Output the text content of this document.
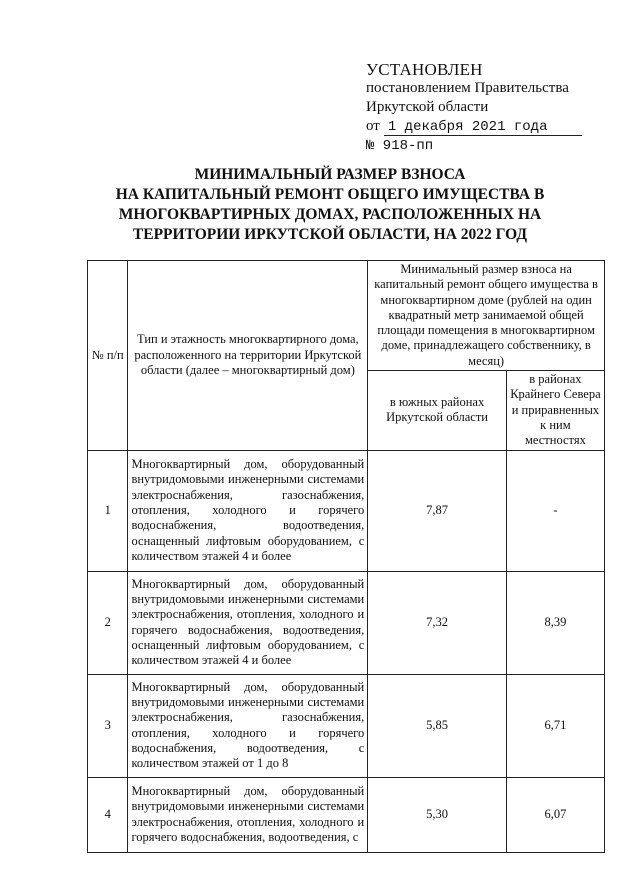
УСТАНОВЛЕН
постановлением Правительства
Иркутской области
от 1 декабря 2021 года
№ 918-пп
МИНИМАЛЬНЫЙ РАЗМЕР ВЗНОСА
НА КАПИТАЛЬНЫЙ РЕМОНТ ОБЩЕГО ИМУЩЕСТВА В
МНОГОКВАРТИРНЫХ ДОМАХ, РАСПОЛОЖЕННЫХ НА
ТЕРРИТОРИИ ИРКУТСКОЙ ОБЛАСТИ, НА 2022 ГОД
№ п/п	Тип и этажность многоквартирного дома, расположенного на территории Иркутской области (далее – многоквартирный дом)	Минимальный размер взноса на капитальный ремонт общего имущества в многоквартирном доме (рублей на один квадратный метр занимаемой общей площади помещения в многоквартирном доме, принадлежащего собственнику, в месяц)	
		в южных районах Иркутской области	в районах Крайнего Севера и приравненных к ним местностях
1	Многоквартирный дом, оборудованный внутридомовыми инженерными системами электроснабжения, газоснабжения, отопления, холодного и горячего водоснабжения, водоотведения, оснащенный лифтовым оборудованием, с количеством этажей 4 и более	7,87	-
2	Многоквартирный дом, оборудованный внутридомовыми инженерными системами электроснабжения, отопления, холодного и горячего водоснабжения, водоотведения, оснащенный лифтовым оборудованием, с количеством этажей 4 и более	7,32	8,39
3	Многоквартирный дом, оборудованный внутридомовыми инженерными системами электроснабжения, газоснабжения, отопления, холодного и горячего водоснабжения, водоотведения, с количеством этажей от 1 до 8	5,85	6,71
4	Многоквартирный дом, оборудованный внутридомовыми инженерными системами электроснабжения, отопления, холодного и горячего водоснабжения, водоотведения, с	5,30	6,07
